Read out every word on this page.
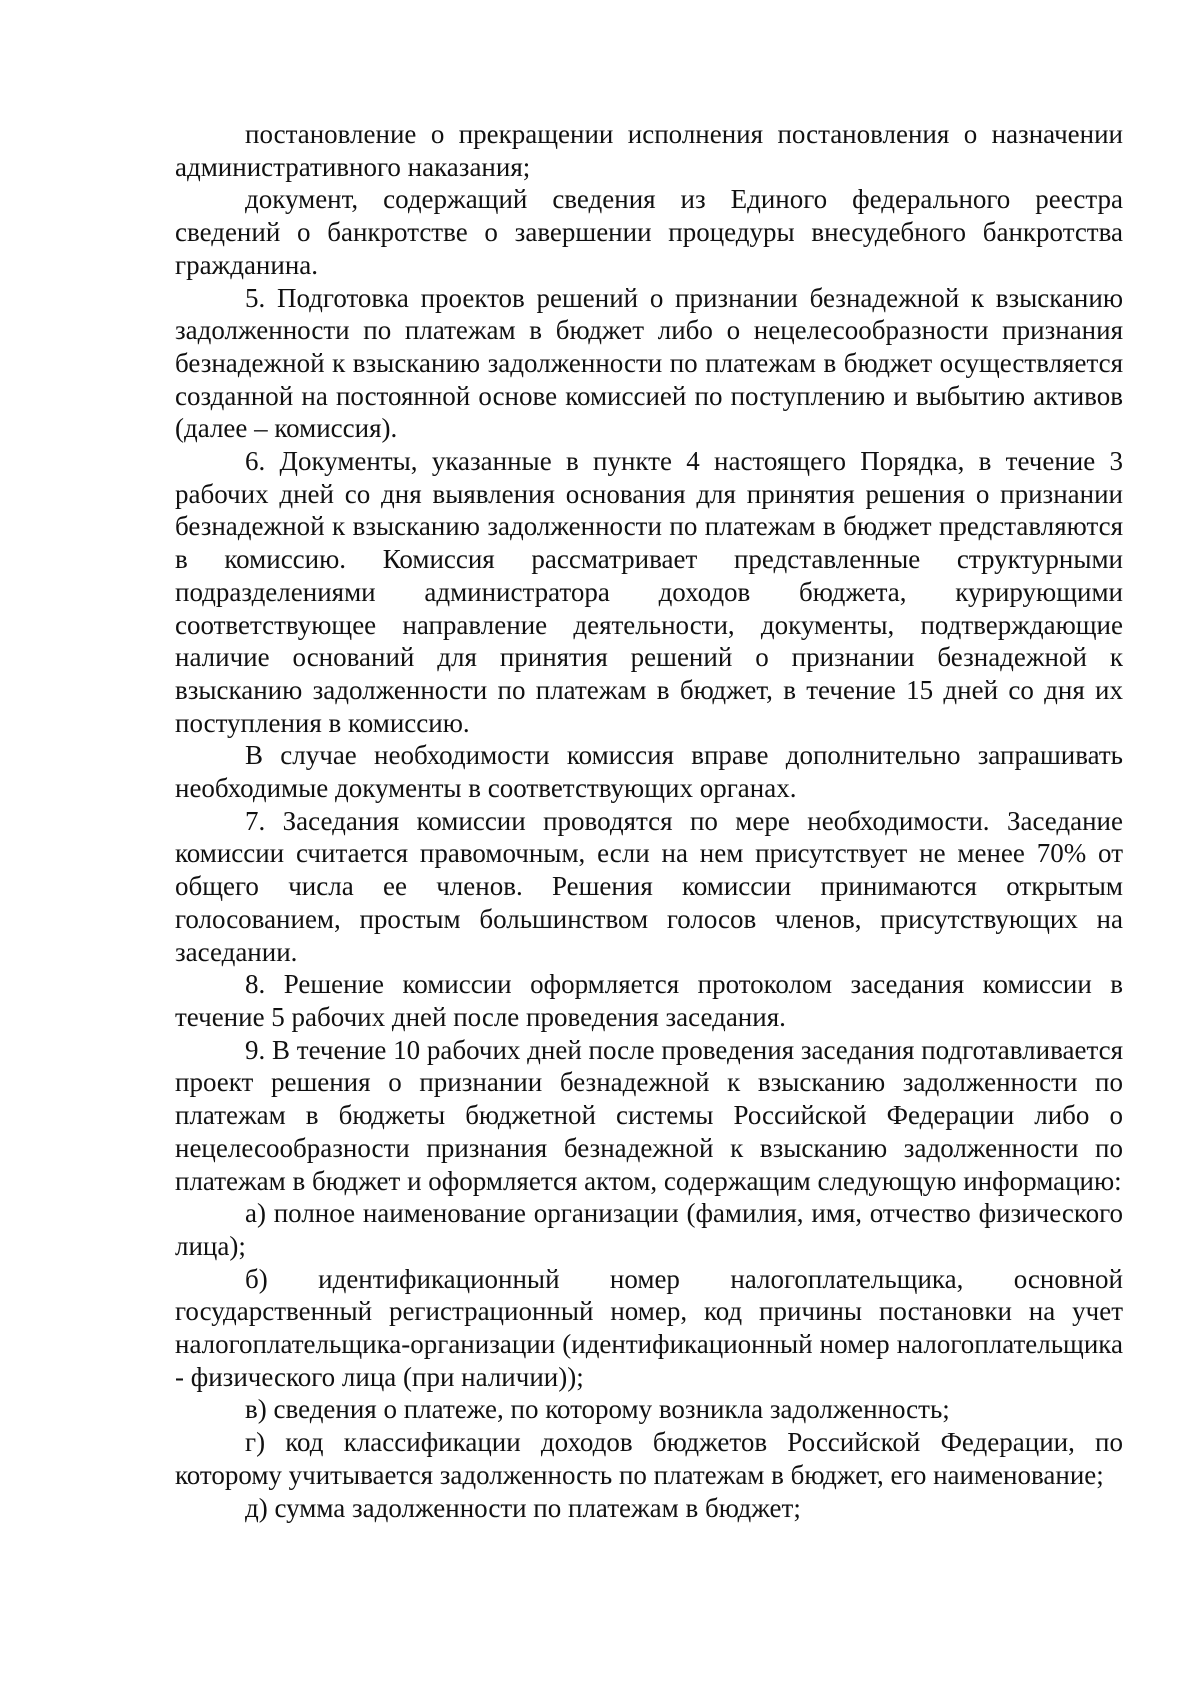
постановление о прекращении исполнения постановления о назначении административного наказания;

документ, содержащий сведения из Единого федерального реестра сведений о банкротстве о завершении процедуры внесудебного банкротства гражданина.

5. Подготовка проектов решений о признании безнадежной к взысканию задолженности по платежам в бюджет либо о нецелесообразности признания безнадежной к взысканию задолженности по платежам в бюджет осуществляется созданной на постоянной основе комиссией по поступлению и выбытию активов (далее – комиссия).

6. Документы, указанные в пункте 4 настоящего Порядка, в течение 3 рабочих дней со дня выявления основания для принятия решения о признании безнадежной к взысканию задолженности по платежам в бюджет представляются в комиссию. Комиссия рассматривает представленные структурными подразделениями администратора доходов бюджета, курирующими соответствующее направление деятельности, документы, подтверждающие наличие оснований для принятия решений о признании безнадежной к взысканию задолженности по платежам в бюджет, в течение 15 дней со дня их поступления в комиссию.

В случае необходимости комиссия вправе дополнительно запрашивать необходимые документы в соответствующих органах.

7. Заседания комиссии проводятся по мере необходимости. Заседание комиссии считается правомочным, если на нем присутствует не менее 70% от общего числа ее членов. Решения комиссии принимаются открытым голосованием, простым большинством голосов членов, присутствующих на заседании.

8. Решение комиссии оформляется протоколом заседания комиссии в течение 5 рабочих дней после проведения заседания.

9. В течение 10 рабочих дней после проведения заседания подготавливается проект решения о признании безнадежной к взысканию задолженности по платежам в бюджеты бюджетной системы Российской Федерации либо о нецелесообразности признания безнадежной к взысканию задолженности по платежам в бюджет и оформляется актом, содержащим следующую информацию:

а) полное наименование организации (фамилия, имя, отчество физического лица);

б) идентификационный номер налогоплательщика, основной государственный регистрационный номер, код причины постановки на учет налогоплательщика-организации (идентификационный номер налогоплательщика - физического лица (при наличии));

в) сведения о платеже, по которому возникла задолженность;

г) код классификации доходов бюджетов Российской Федерации, по которому учитывается задолженность по платежам в бюджет, его наименование;

д) сумма задолженности по платежам в бюджет;
